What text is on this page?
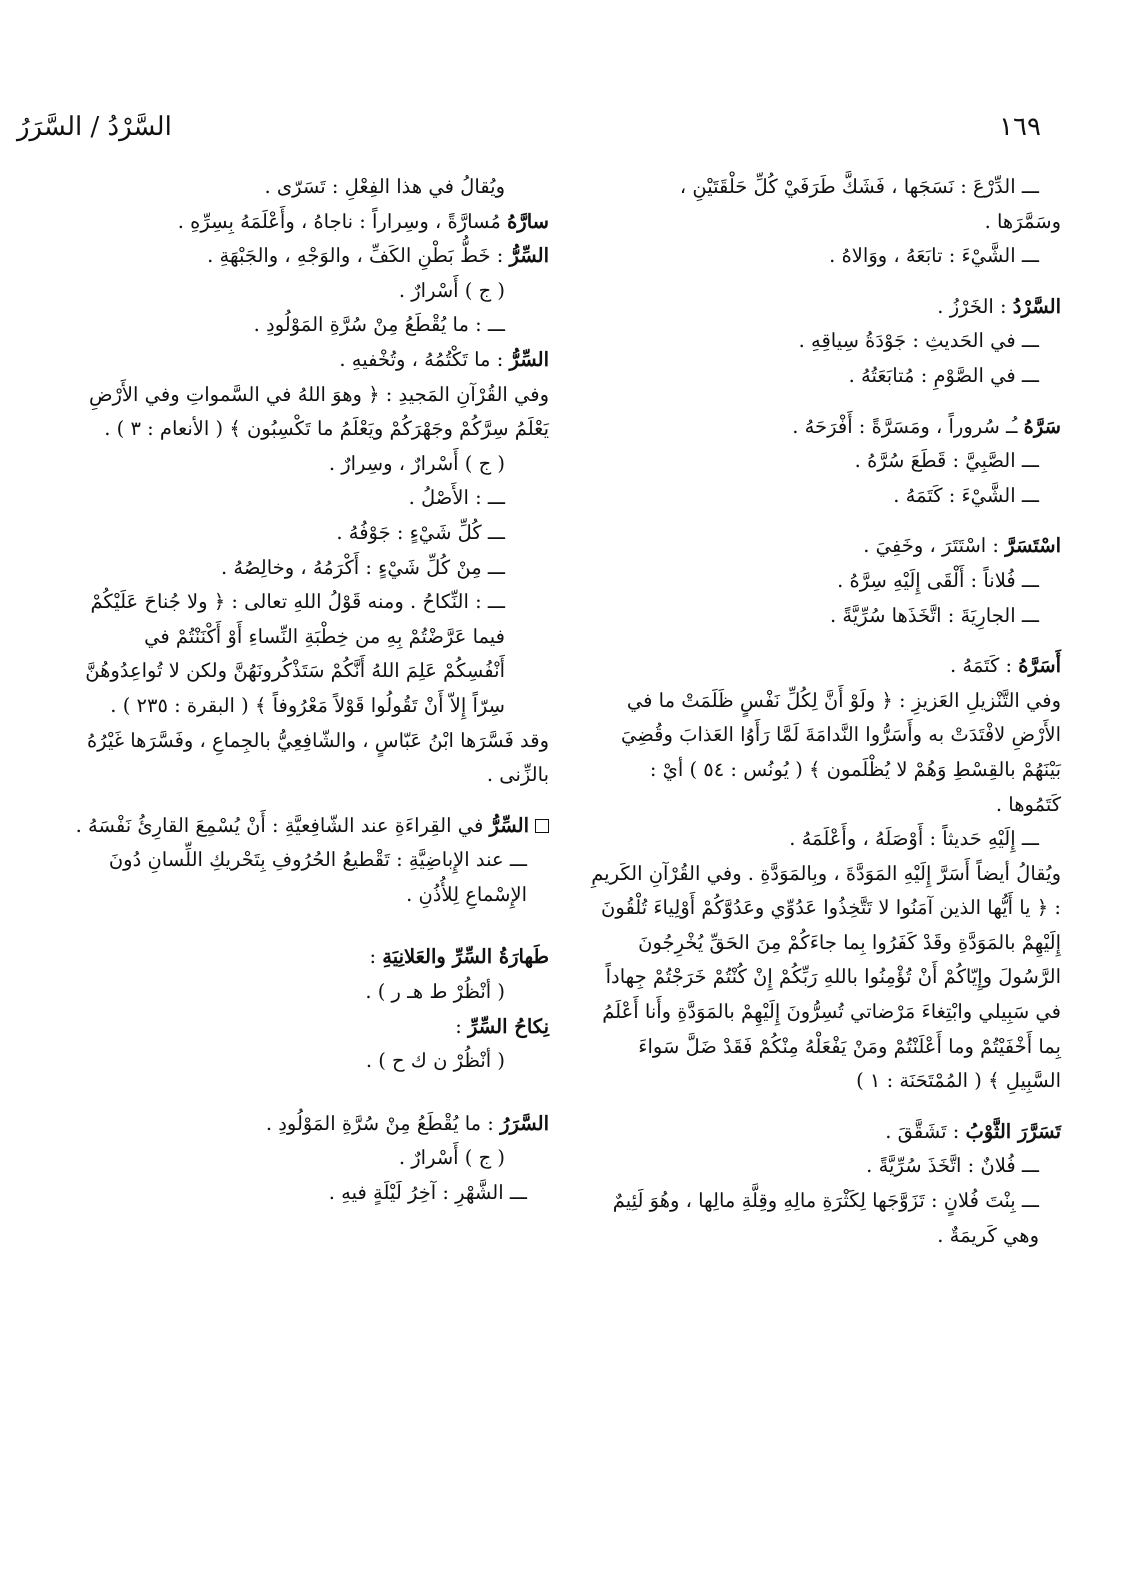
السَّرْدُ / السَّرَرُ	١٦٩
ـــ الدِّرْعَ : نَسَجَها ، فَشَكَّ طَرَفَيْ كُلِّ حَلْقَتَيْنِ ،
وسَمَّرَها .
ـــ الشَّيْءَ : تابَعَهُ ، ووَالاهُ .
السَّرْدُ : الخَرْزُ .
ـــ في الحَديثِ : جَوْدَةُ سِياقِهِ .
ـــ في الصَّوْمِ : مُتابَعَتُهُ .
سَرَّهُ ـُـ سُروراً ، ومَسَرَّةً : أَفْرَحَهُ .
ـــ الصَّبِيَّ : قَطَعَ سُرَّهُ .
ـــ الشَّيْءَ : كَتَمَهُ .
اسْتَسَرَّ : اسْتَتَرَ ، وخَفِيَ .
ـــ فُلاناً : أَلْقَى إِلَيْهِ سِرَّهُ .
ـــ الجارِيَةَ : اتَّخَذَها سُرِّيَّةً .
أَسَرَّهُ : كَتَمَهُ .
وفي التَّنْزيلِ العَزيزِ : ﴿ ولَوْ أَنَّ لِكُلِّ نَفْسٍ ظَلَمَتْ ما في الأَرْضِ لافْتَدَتْ به وأَسَرُّوا النَّدامَةَ لَمَّا رَأَوُا العَذابَ وقُضِيَ بَيْنَهُمْ بالقِسْطِ وَهُمْ لا يُظْلَمون ﴾ ( يُونُس : ٥٤ ) أيْ : كَتَمُوها .
ـــ إِلَيْهِ حَديثاً : أَوْصَلَهُ ، وأَعْلَمَهُ .
ويُقالُ أيضاً أَسَرَّ إِلَيْهِ المَوَدَّةَ ، وبِالمَوَدَّةِ . وفي القُرْآنِ الكَريمِ : ﴿ يا أَيُّها الذين آمَنُوا لا تَتَّخِذُوا عَدُوِّي وعَدُوَّكُمْ أَوْلِياءَ تُلْقُونَ إِلَيْهِمْ بالمَوَدَّةِ وقَدْ كَفَرُوا بِما جاءَكُمْ مِنَ الحَقِّ يُخْرِجُونَ الرَّسُولَ وإِيّاكُمْ أَنْ تُؤْمِنُوا باللهِ رَبِّكُمْ إِنْ كُنْتُمْ خَرَجْتُمْ جِهاداً في سَبِيلي وابْتِغاءَ مَرْضاتي تُسِرُّونَ إِلَيْهِمْ بالمَوَدَّةِ وأَنا أَعْلَمُ بِما أَخْفَيْتُمْ وما أَعْلَنْتُمْ ومَنْ يَفْعَلْهُ مِنْكُمْ فَقَدْ ضَلَّ سَواءَ السَّبِيلِ ﴾ ( المُمْتَحَنَة : ١ )
تَسَرَّرَ الثَّوْبُ : تَشَقَّقَ .
ـــ فُلانٌ : اتَّخَذَ سُرِّيَّةً .
ـــ بِنْتَ فُلانٍ : تَزَوَّجَها لِكَثْرَةِ مالِهِ وقِلَّةِ مالِها ، وهُوَ لَئِيمٌ وهي كَريمَةٌ .
ويُقالُ في هذا الفِعْلِ : تَسَرّى .
سارَّهُ مُسارَّةً ، وسِراراً : ناجاهُ ، وأَعْلَمَهُ بِسِرِّهِ .
السِّرُّ : خَطُّ بَطْنِ الكَفِّ ، والوَجْهِ ، والجَبْهَةِ .
( ج ) أَسْرارٌ .
ـــ : ما يُقْطَعُ مِنْ سُرَّةِ المَوْلُودِ .
السِّرُّ : ما تَكْتُمُهُ ، وتُخْفيهِ .
وفي القُرْآنِ المَجيدِ : ﴿ وهوَ اللهُ في السَّمواتِ وفي الأَرْضِ يَعْلَمُ سِرَّكُمْ وجَهْرَكُمْ ويَعْلَمُ ما تَكْسِبُون ﴾ ( الأنعام : ٣ ) .
( ج ) أَسْرارٌ ، وسِرارٌ .
ـــ : الأَصْلُ .
ـــ كُلِّ شَيْءٍ : جَوْفُهُ .
ـــ مِنْ كُلِّ شَيْءٍ : أَكْرَمُهُ ، وخالِصُهُ .
ـــ : النِّكاحُ . ومنه قَوْلُ اللهِ تعالى : ﴿ ولا جُناحَ عَلَيْكُمْ فيما عَرَّضْتُمْ بِهِ من خِطْبَةِ النِّساءِ أَوْ أَكْنَنْتُمْ في أَنْفُسِكُمْ عَلِمَ اللهُ أَنَّكُمْ سَتَذْكُرونَهُنَّ ولكن لا تُواعِدُوهُنَّ سِرّاً إِلاّ أَنْ تَقُولُوا قَوْلاً مَعْرُوفاً ﴾ ( البقرة : ٢٣٥ ) .
وقد فَسَّرَها ابْنُ عَبّاسٍ ، والشّافِعِيُّ بالجِماعِ ، وفَسَّرَها غَيْرُهُ بالزِّنى .
السِّرُّ في القِراءَةِ عند الشّافِعيَّةِ : أَنْ يُسْمِعَ القارِئُ نَفْسَهُ .
ـــ عند الإِباضِيَّةِ : تَقْطيعُ الحُرُوفِ بِتَحْريكِ اللِّسانِ دُونَ الإِسْماعِ لِلأُذُنِ .
طَهارَةُ السِّرِّ والعَلانِيَةِ :
( أنْظُرْ ط هـ ر ) .
نِكاحُ السِّرِّ :
( أنْظُرْ ن ك ح ) .
السَّرَرُ : ما يُقْطَعُ مِنْ سُرَّةِ المَوْلُودِ .
( ج ) أَسْرارٌ .
ـــ الشَّهْرِ : آخِرُ لَيْلَةٍ فيهِ .
